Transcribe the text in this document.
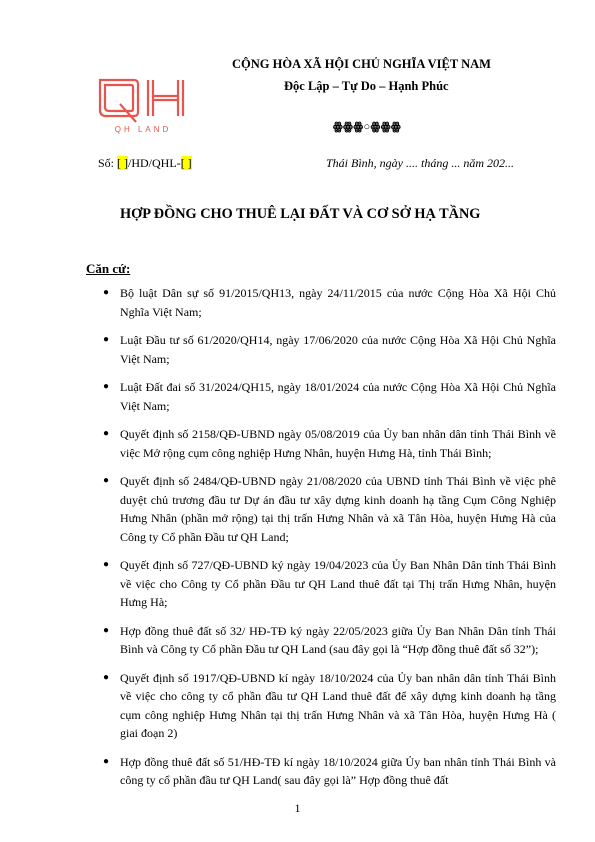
QH LAND
CỘNG HÒA XÃ HỘI CHỦ NGHĨA VIỆT NAM
Độc Lập – Tự Do – Hạnh Phúc
ꙮꙮꙮ○ꙮꙮꙮ
Số: [ ]/HD/QHL-[ ]	Thái Bình, ngày .... tháng ... năm 202...
HỢP ĐỒNG CHO THUÊ LẠI ĐẤT VÀ CƠ SỞ HẠ TẦNG
Căn cứ:
● Bộ luật Dân sự số 91/2015/QH13, ngày 24/11/2015 của nước Cộng Hòa Xã Hội Chủ Nghĩa Việt Nam;
● Luật Đầu tư số 61/2020/QH14, ngày 17/06/2020 của nước Cộng Hòa Xã Hội Chủ Nghĩa Việt Nam;
● Luật Đất đai số 31/2024/QH15, ngày 18/01/2024 của nước Cộng Hòa Xã Hội Chủ Nghĩa Việt Nam;
● Quyết định số 2158/QĐ-UBND ngày 05/08/2019 của Ủy ban nhân dân tỉnh Thái Bình về việc Mở rộng cụm công nghiệp Hưng Nhân, huyện Hưng Hà, tỉnh Thái Bình;
● Quyết định số 2484/QĐ-UBND ngày 21/08/2020 của UBND tỉnh Thái Bình về việc phê duyệt chủ trương đầu tư Dự án đầu tư xây dựng kinh doanh hạ tầng Cụm Công Nghiệp Hưng Nhân (phần mở rộng) tại thị trấn Hưng Nhân và xã Tân Hòa, huyện Hưng Hà của Công ty Cổ phần Đầu tư QH Land;
● Quyết định số 727/QĐ-UBND ký ngày 19/04/2023 của Ủy Ban Nhân Dân tỉnh Thái Bình về việc cho Công ty Cổ phần Đầu tư QH Land thuê đất tại Thị trấn Hưng Nhân, huyện Hưng Hà;
● Hợp đồng thuê đất số 32/ HĐ-TĐ ký ngày 22/05/2023 giữa Ủy Ban Nhân Dân tỉnh Thái Bình và Công ty Cổ phần Đầu tư QH Land (sau đây gọi là “Hợp đồng thuê đất số 32”);
● Quyết định số 1917/QĐ-UBND kí ngày 18/10/2024 của Ủy ban nhân dân tỉnh Thái Bình về việc cho công ty cổ phần đầu tư QH Land thuê đất để xây dựng kinh doanh hạ tầng cụm công nghiệp Hưng Nhân tại thị trấn Hưng Nhân và xã Tân Hòa, huyện Hưng Hà ( giai đoạn 2)
● Hợp đồng thuê đất số 51/HĐ-TĐ kí ngày 18/10/2024 giữa Ủy ban nhân tỉnh Thái Bình và công ty cổ phần đầu tư QH Land( sau đây gọi là” Hợp đồng thuê đất
1
